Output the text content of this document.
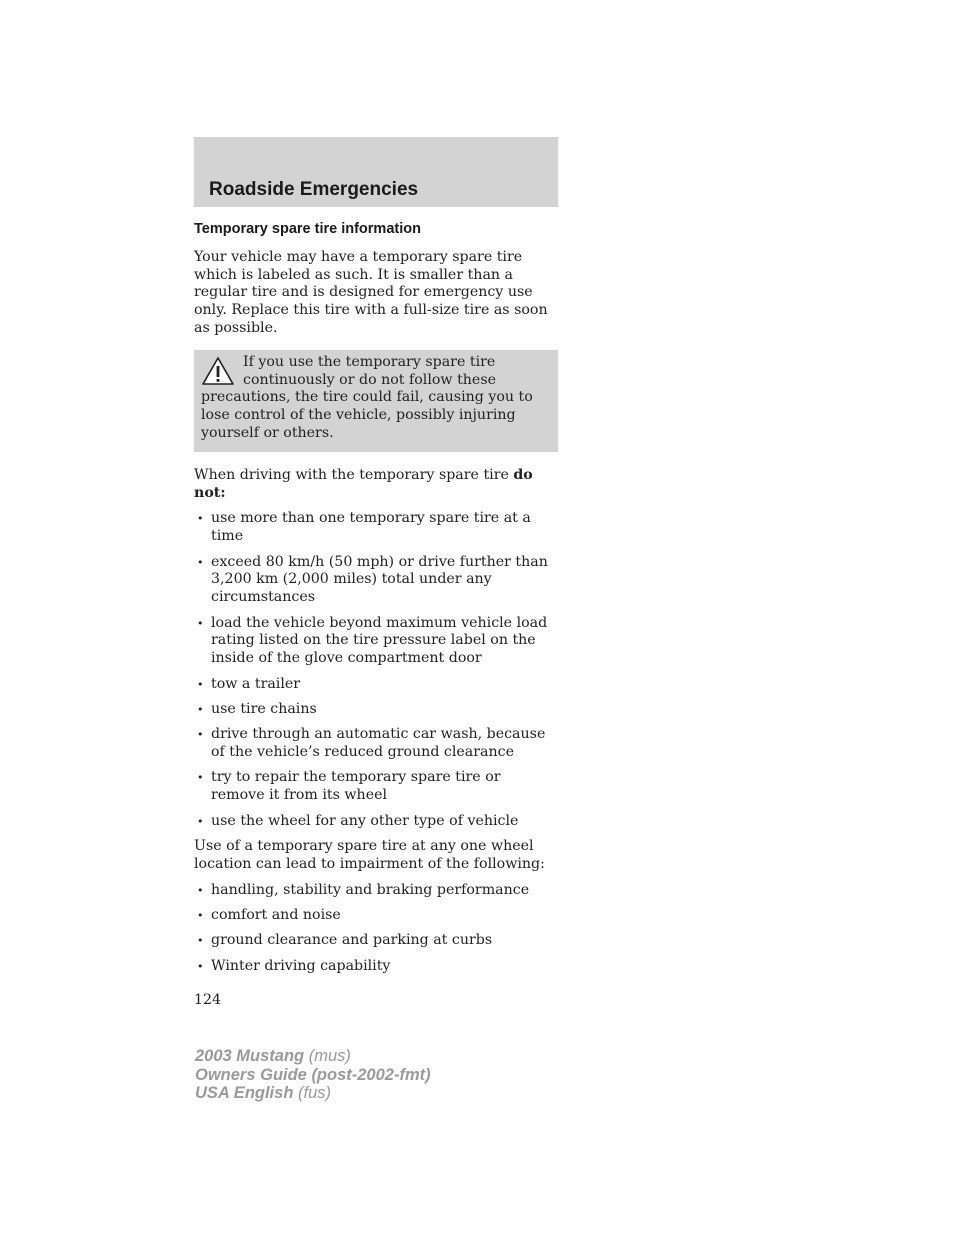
Roadside Emergencies
Temporary spare tire information

Your vehicle may have a temporary spare tire which is labeled as such. It is smaller than a regular tire and is designed for emergency use only. Replace this tire with a full-size tire as soon as possible.

If you use the temporary spare tire continuously or do not follow these precautions, the tire could fail, causing you to lose control of the vehicle, possibly injuring yourself or others.

When driving with the temporary spare tire do not:

• use more than one temporary spare tire at a time
• exceed 80 km/h (50 mph) or drive further than 3,200 km (2,000 miles) total under any circumstances
• load the vehicle beyond maximum vehicle load rating listed on the tire pressure label on the inside of the glove compartment door
• tow a trailer
• use tire chains
• drive through an automatic car wash, because of the vehicle’s reduced ground clearance
• try to repair the temporary spare tire or remove it from its wheel
• use the wheel for any other type of vehicle

Use of a temporary spare tire at any one wheel location can lead to impairment of the following:

• handling, stability and braking performance
• comfort and noise
• ground clearance and parking at curbs
• Winter driving capability

124

2003 Mustang (mus)
Owners Guide (post-2002-fmt)
USA English (fus)
